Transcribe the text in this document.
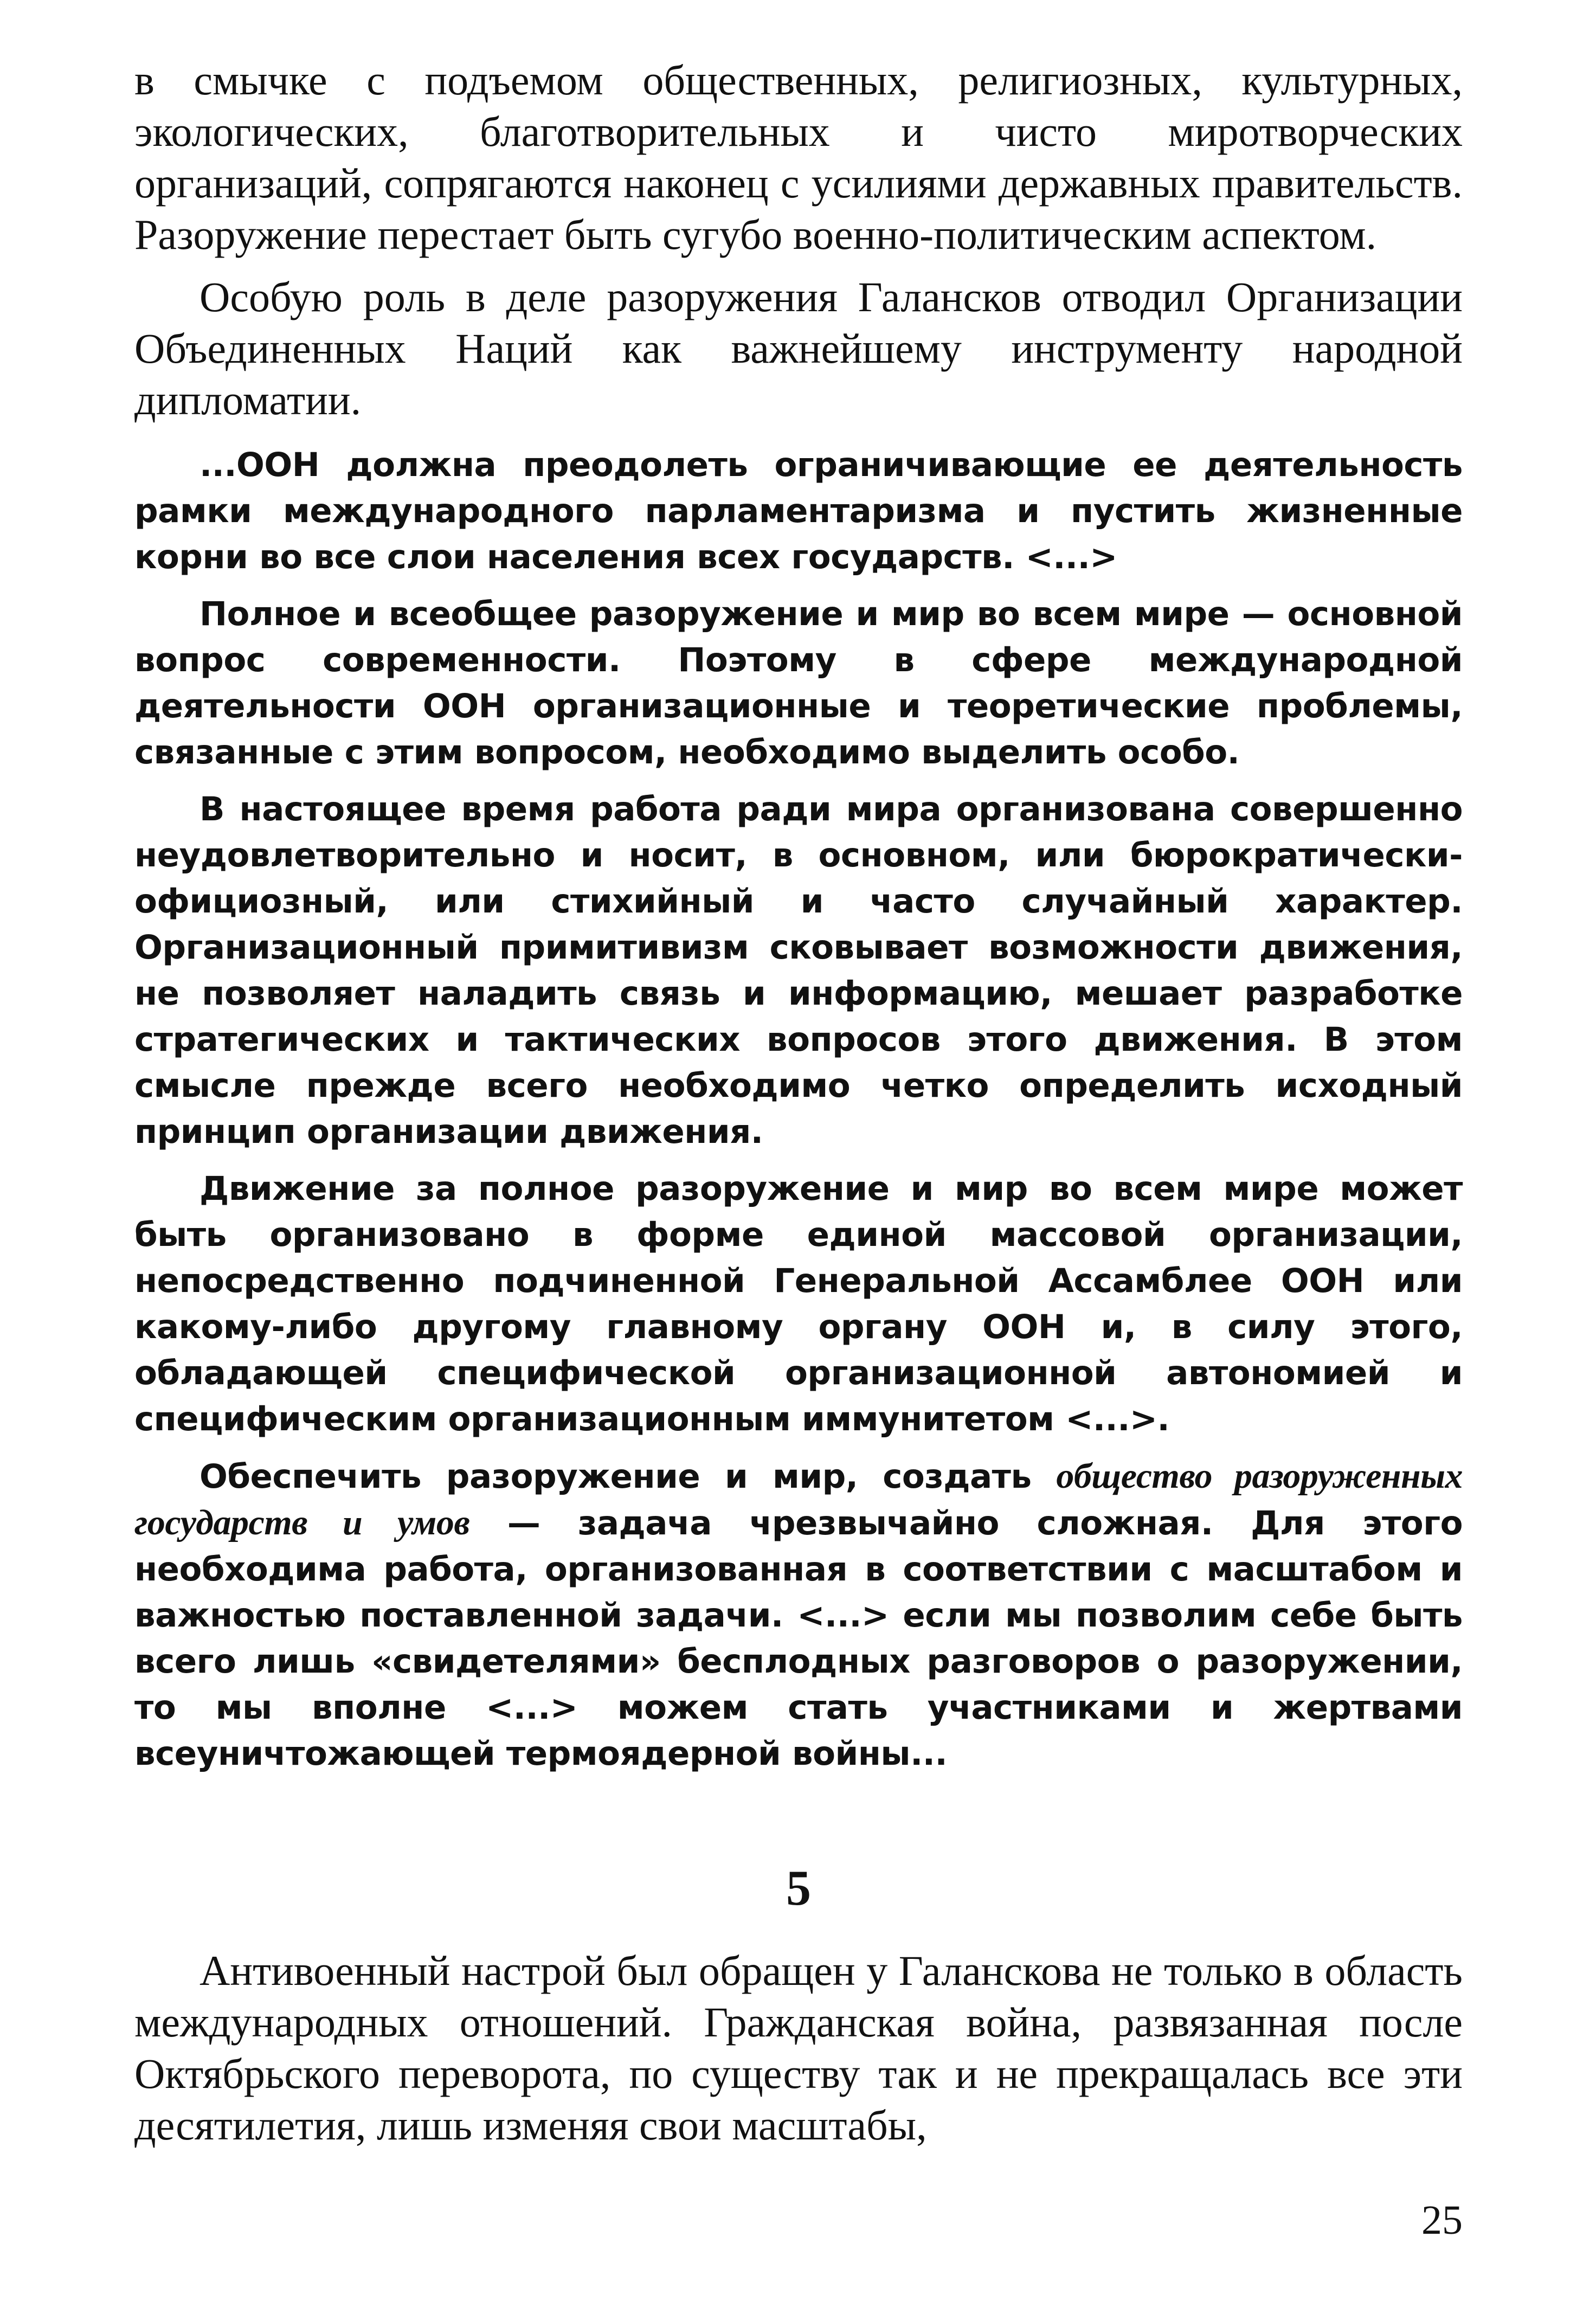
в смычке с подъемом общественных, религиозных, культурных, экологических, благотворительных и чисто миротворческих организаций, сопрягаются наконец с усилиями державных правительств. Разоружение перестает быть сугубо военно-политическим аспектом.

Особую роль в деле разоружения Галансков отводил Организации Объединенных Наций как важнейшему инструменту народной дипломатии.

...ООН должна преодолеть ограничивающие ее деятельность рамки международного парламентаризма и пустить жизненные корни во все слои населения всех государств. <...>

Полное и всеобщее разоружение и мир во всем мире — основной вопрос современности. Поэтому в сфере международной деятельности ООН организационные и теоретические проблемы, связанные с этим вопросом, необходимо выделить особо.

В настоящее время работа ради мира организована совершенно неудовлетворительно и носит, в основном, или бюрократически-официозный, или стихийный и часто случайный характер. Организационный примитивизм сковывает возможности движения, не позволяет наладить связь и информацию, мешает разработке стратегических и тактических вопросов этого движения. В этом смысле прежде всего необходимо четко определить исходный принцип организации движения.

Движение за полное разоружение и мир во всем мире может быть организовано в форме единой массовой организации, непосредственно подчиненной Генеральной Ассамблее ООН или какому-либо другому главному органу ООН и, в силу этого, обладающей специфической организационной автономией и специфическим организационным иммунитетом <...>.

Обеспечить разоружение и мир, создать общество разоруженных государств и умов — задача чрезвычайно сложная. Для этого необходима работа, организованная в соответствии с масштабом и важностью поставленной задачи. <...> если мы позволим себе быть всего лишь «свидетелями» бесплодных разговоров о разоружении, то мы вполне <...> можем стать участниками и жертвами всеуничтожающей термоядерной войны...

5

Антивоенный настрой был обращен у Галанскова не только в область международных отношений. Гражданская война, развязанная после Октябрьского переворота, по существу так и не прекращалась все эти десятилетия, лишь изменяя свои масштабы,

25
